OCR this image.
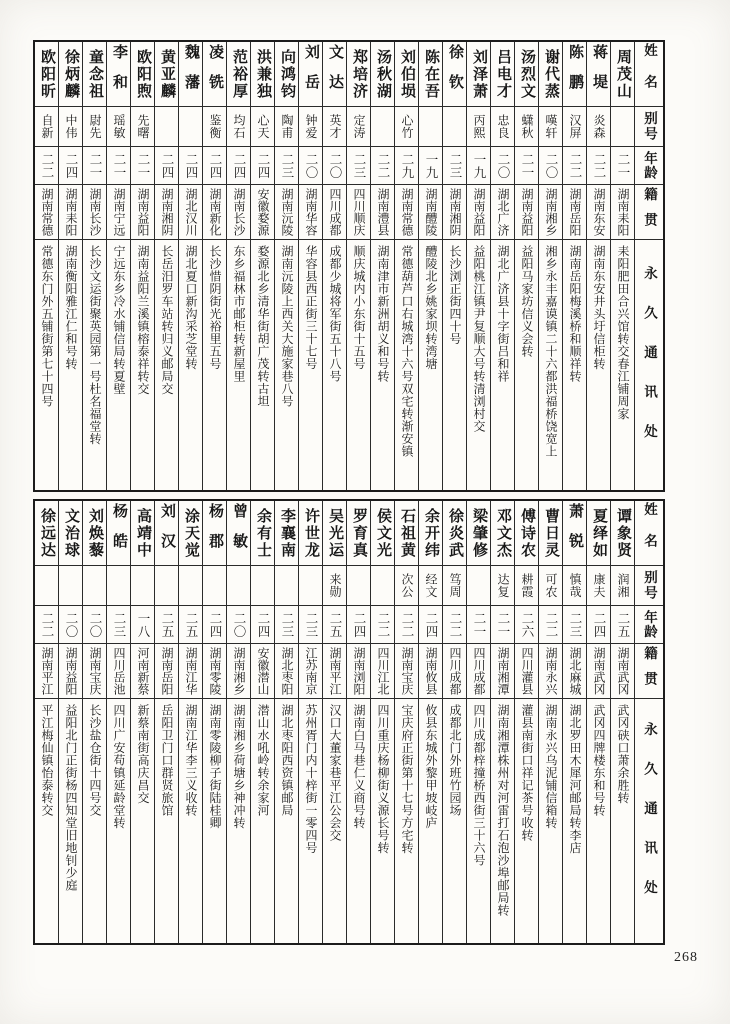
姓名
别号
年龄
籍贯
永久通讯处
周茂山
二一
湖南耒阳
耒阳肥田合兴馆转交春江铺周家
蒋堤
炎森
二二
湖南东安
湖南东安井头圩信柜转
陈鹏
汉屏
二二
湖南岳阳
湖南岳阳梅溪桥和顺祥转
谢代蒸
嘆轩
二〇
湖南湘乡
湘乡永丰嘉谟镇二十六都洪福桥饶宽上
汤烈文
蟏秋
二一
湖南益阳
益阳马家坊信义会转
吕电才
忠良
二〇
湖北广济
湖北广济县十字街吕和祥
刘泽萧
丙熙
一九
湖南益阳
益阳桃江镇尹复顺大号转清浏村交
徐钦
二三
湖南湘阴
长沙浏正街四十号
陈在吾
一九
湖南醴陵
醴陵北乡姚家坝转湾塘
刘伯埙
心竹
二九
湖南常德
常德葫芦口右城湾十六号双宅转渐安镇
汤秋湖
二二
湖南澧县
湖南津市新洲胡义和号转
郑培济
定涛
二三
四川顺庆
顺庆城内小东街十五号
文达
英才
二〇
四川成都
成都少城将军街五十八号
刘岳
钟爱
二〇
湖南华容
华容县西正街三十七号
向鸿钧
陶甫
二三
湖南沅陵
湖南沅陵上西关大施家巷八号
洪兼独
心天
二四
安徽婺源
婺源北乡清华街胡广茂转古坦
范裕厚
均石
二四
湖南长沙
东乡福林市邮柜转新屋里
凌铣
鉴衡
二四
湖南新化
长沙惜阴街光裕里五号
魏藩
二四
湖北汉川
湖北夏口新沟采芝堂转
黄亚麟
二四
湖南湘阴
长岳汨罗车站转归义邮局交
欧阳煦
先曙
二一
湖南益阳
湖南益阳兰溪镇榕泰祥转交
李和
瑶敏
二一
湖南宁远
宁远东乡冷水铺信局转夏壁
童念祖
尉先
二一
湖南长沙
长沙文运街聚英园第一号杜名福堂转
徐炳麟
中伟
二四
湖南耒阳
湖南衡阳雅江仁和号转
欧阳昕
自新
二二
湖南常德
常德东门外五铺街第七十四号
姓名
别号
年龄
籍贯
永久通讯处
谭象贤
润湘
二五
湖南武冈
武冈硖口萧余胜转
夏绎如
康夫
二四
湖南武冈
武冈四牌楼东和号转
萧锐
慎哉
二三
湖北麻城
湖北罗田木犀河邮局转李店
曹日灵
可农
二二
湖南永兴
湖南永兴乌泥铺信箱转
傅诗农
耕霞
二六
四川灌县
灌县南街口祥记茶号收转
邓文杰
达复
二一
湖南湘潭
湖南湘潭株州对河雷打石泡沙埠邮局转
梁肇修
二一
四川成都
四川成都梓撞桥西街三十六号
徐炎武
笃周
二二
四川成都
成都北门外班竹园场
余开纬
经文
二四
湖南攸县
攸县东城外黎甲坡岐庐
石祖黄
次公
二二
湖南宝庆
宝庆府正街第十七号方宅转
侯文光
二二
四川江北
四川重庆杨柳街义源长号转
罗育真
二四
湖南浏阳
湖南白马巷仁义商号转
吴光运
来勋
二五
湖南平江
汉口大董家巷平江公会交
许世龙
二三
江苏南京
苏州胥门内十梓街一零四号
李襄南
二三
湖北枣阳
湖北枣阳西资镇邮局
余有士
二四
安徽潜山
潜山水吼岭转余家河
曾敏
二〇
湖南湘乡
湖南湘乡荷塘乡神冲转
杨郡
二四
湖南零陵
湖南零陵柳子街陆桂卿
涂天觉
二五
湖南江华
湖南江华李三义收转
刘汉
二五
湖南岳阳
岳阳卫门口群贤旅馆
高靖中
一八
河南新蔡
新蔡南街高庆昌交
杨皓
二三
四川岳池
四川广安苟镇延龄堂转
刘焕藜
二〇
湖南宝庆
长沙盐仓街十四号交
文治球
二〇
湖南益阳
益阳北门正街杨四知堂旧地钊少庭
徐远达
二二
湖南平江
平江梅仙镇怡泰转交
268
